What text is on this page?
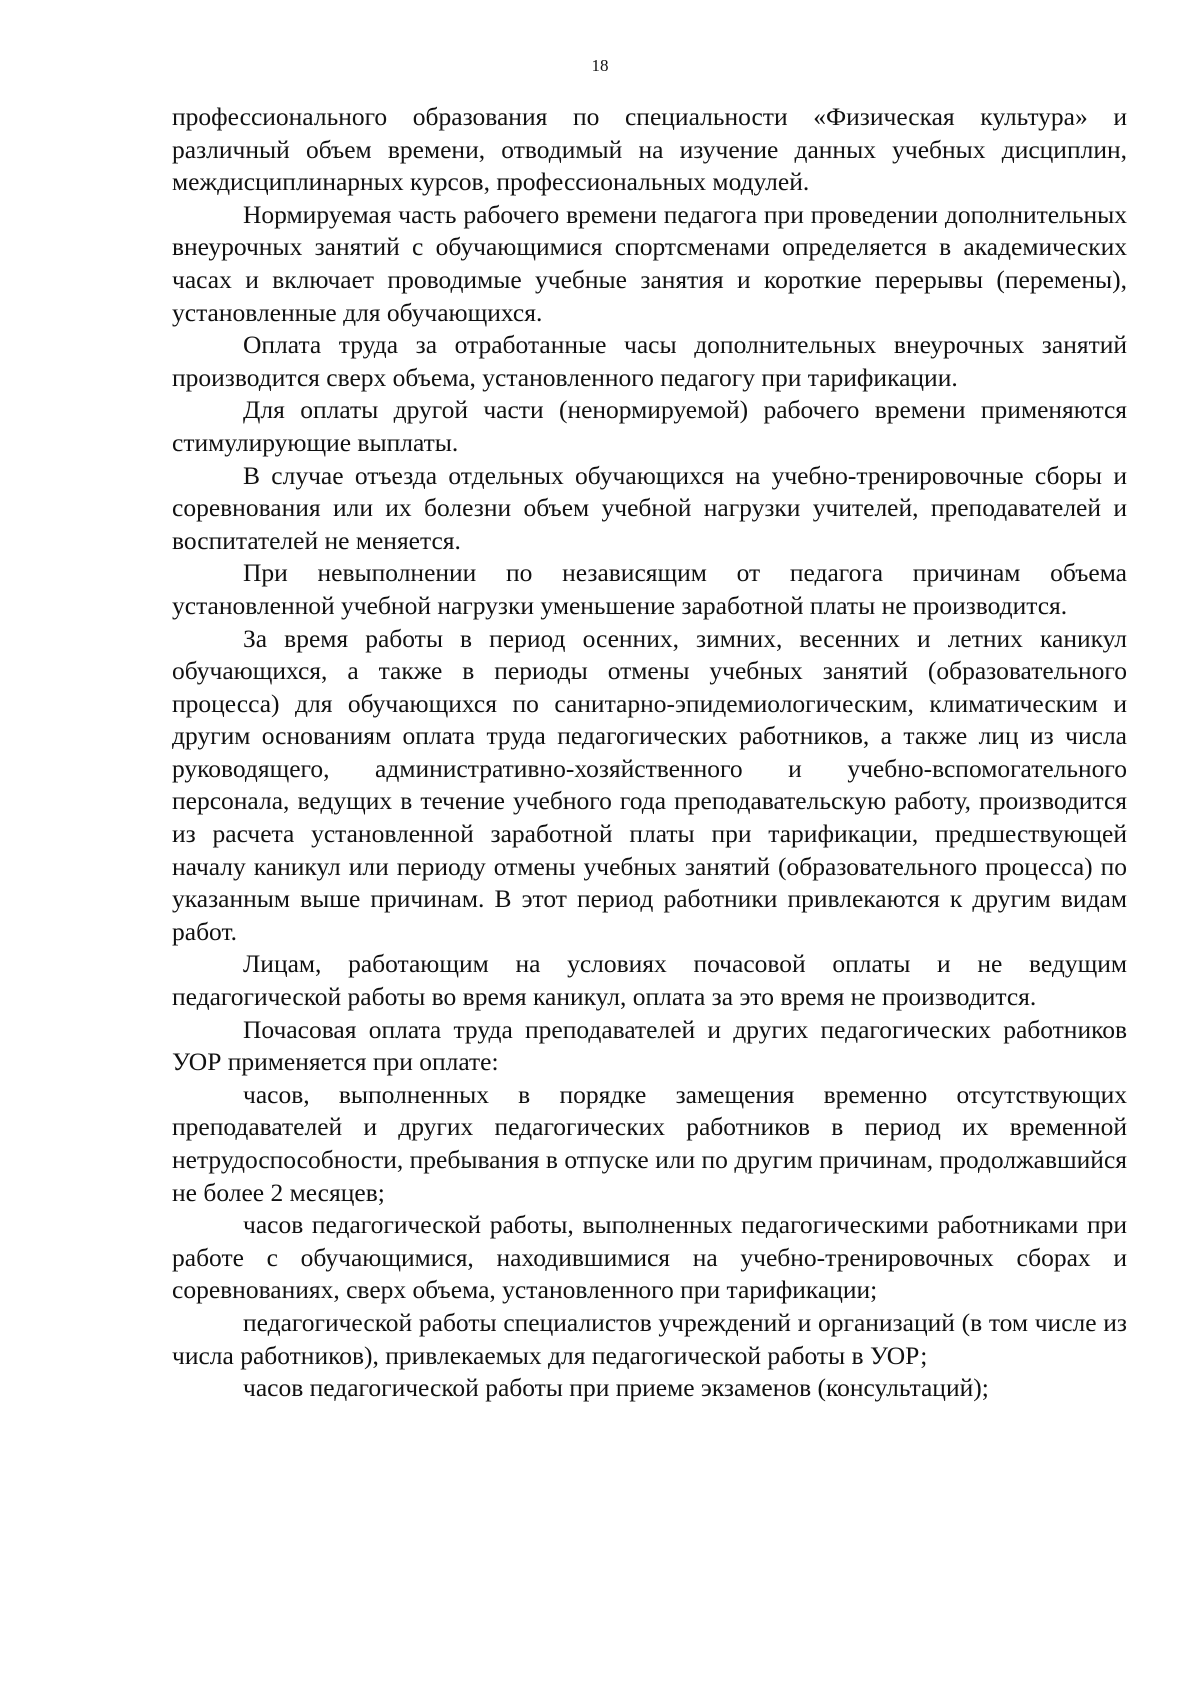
18

профессионального образования по специальности «Физическая культура» и различный объем времени, отводимый на изучение данных учебных дисциплин, междисциплинарных курсов, профессиональных модулей.

Нормируемая часть рабочего времени педагога при проведении дополнительных внеурочных занятий с обучающимися спортсменами определяется в академических часах и включает проводимые учебные занятия и короткие перерывы (перемены), установленные для обучающихся.

Оплата труда за отработанные часы дополнительных внеурочных занятий производится сверх объема, установленного педагогу при тарификации.

Для оплаты другой части (ненормируемой) рабочего времени применяются стимулирующие выплаты.

В случае отъезда отдельных обучающихся на учебно-тренировочные сборы и соревнования или их болезни объем учебной нагрузки учителей, преподавателей и воспитателей не меняется.

При невыполнении по независящим от педагога причинам объема установленной учебной нагрузки уменьшение заработной платы не производится.

За время работы в период осенних, зимних, весенних и летних каникул обучающихся, а также в периоды отмены учебных занятий (образовательного процесса) для обучающихся по санитарно-эпидемиологическим, климатическим и другим основаниям оплата труда педагогических работников, а также лиц из числа руководящего, административно-хозяйственного и учебно-вспомогательного персонала, ведущих в течение учебного года преподавательскую работу, производится из расчета установленной заработной платы при тарификации, предшествующей началу каникул или периоду отмены учебных занятий (образовательного процесса) по указанным выше причинам. В этот период работники привлекаются к другим видам работ.

Лицам, работающим на условиях почасовой оплаты и не ведущим педагогической работы во время каникул, оплата за это время не производится.

Почасовая оплата труда преподавателей и других педагогических работников УОР применяется при оплате:

часов, выполненных в порядке замещения временно отсутствующих преподавателей и других педагогических работников в период их временной нетрудоспособности, пребывания в отпуске или по другим причинам, продолжавшийся не более 2 месяцев;

часов педагогической работы, выполненных педагогическими работниками при работе с обучающимися, находившимися на учебно-тренировочных сборах и соревнованиях, сверх объема, установленного при тарификации;

педагогической работы специалистов учреждений и организаций (в том числе из числа работников), привлекаемых для педагогической работы в УОР;

часов педагогической работы при приеме экзаменов (консультаций);
